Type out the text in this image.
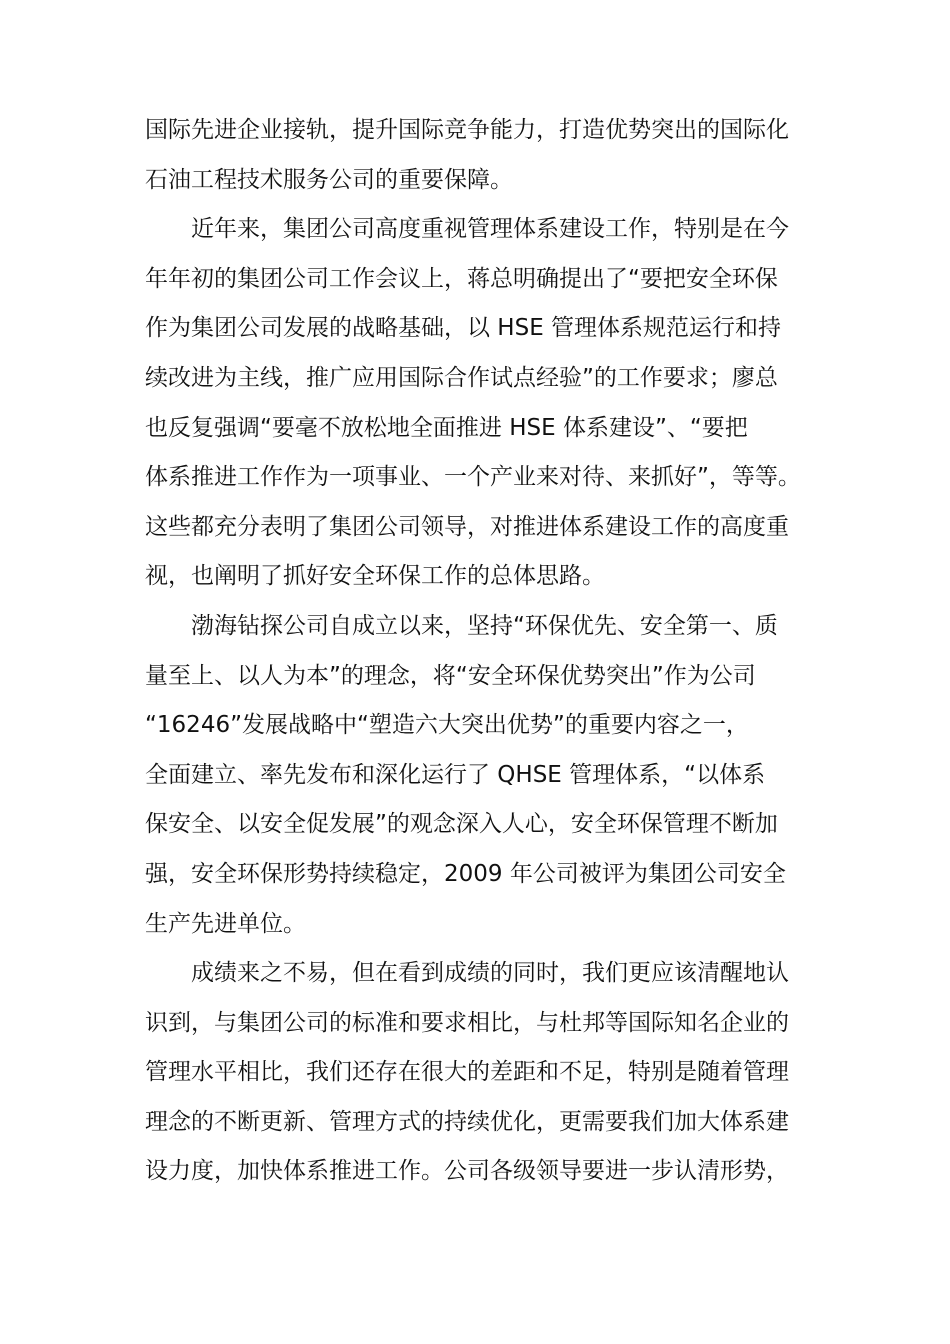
国际先进企业接轨，提升国际竞争能力，打造优势突出的国际化
石油工程技术服务公司的重要保障。
近年来，集团公司高度重视管理体系建设工作，特别是在今
年年初的集团公司工作会议上，蒋总明确提出了“要把安全环保
作为集团公司发展的战略基础，以 HSE 管理体系规范运行和持
续改进为主线，推广应用国际合作试点经验”的工作要求；廖总
也反复强调“要毫不放松地全面推进 HSE 体系建设”、“要把
体系推进工作作为一项事业、一个产业来对待、来抓好”，等等。
这些都充分表明了集团公司领导，对推进体系建设工作的高度重
视，也阐明了抓好安全环保工作的总体思路。
渤海钻探公司自成立以来，坚持“环保优先、安全第一、质
量至上、以人为本”的理念，将“安全环保优势突出”作为公司
“16246”发展战略中“塑造六大突出优势”的重要内容之一，
全面建立、率先发布和深化运行了 QHSE 管理体系，“以体系
保安全、以安全促发展”的观念深入人心，安全环保管理不断加
强，安全环保形势持续稳定，2009 年公司被评为集团公司安全
生产先进单位。
成绩来之不易，但在看到成绩的同时，我们更应该清醒地认
识到，与集团公司的标准和要求相比，与杜邦等国际知名企业的
管理水平相比，我们还存在很大的差距和不足，特别是随着管理
理念的不断更新、管理方式的持续优化，更需要我们加大体系建
设力度，加快体系推进工作。公司各级领导要进一步认清形势，
